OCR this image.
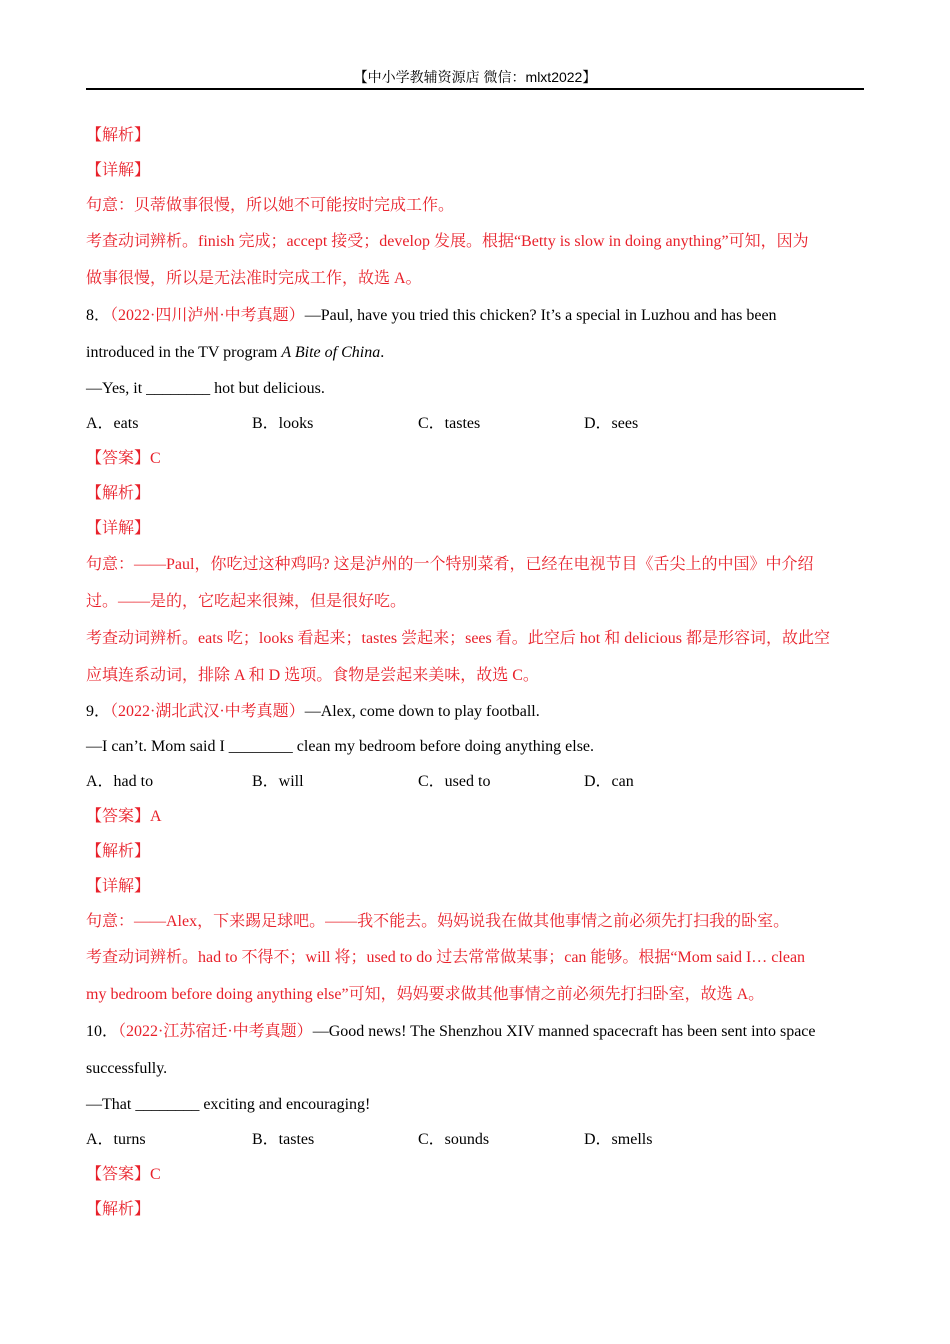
【中小学教辅资源店 微信：mlxt2022】
【解析】
【详解】
句意：贝蒂做事很慢，所以她不可能按时完成工作。
考查动词辨析。finish 完成；accept 接受；develop 发展。根据“Betty is slow in doing anything”可知，因为
做事很慢，所以是无法准时完成工作，故选 A。
8．（2022·四川泸州·中考真题）—Paul, have you tried this chicken? It’s a special in Luzhou and has been
introduced in the TV program A Bite of China.
—Yes, it ________ hot but delicious.
A．eats	B．looks	C．tastes	D．sees
【答案】C
【解析】
【详解】
句意：——Paul，你吃过这种鸡吗? 这是泸州的一个特别菜肴，已经在电视节目《舌尖上的中国》中介绍
过。——是的，它吃起来很辣，但是很好吃。
考查动词辨析。eats 吃；looks 看起来；tastes 尝起来；sees 看。此空后 hot 和 delicious 都是形容词，故此空
应填连系动词，排除 A 和 D 选项。食物是尝起来美味，故选 C。
9．（2022·湖北武汉·中考真题）—Alex, come down to play football.
—I can’t. Mom said I ________ clean my bedroom before doing anything else.
A．had to	B．will	C．used to	D．can
【答案】A
【解析】
【详解】
句意：——Alex，下来踢足球吧。——我不能去。妈妈说我在做其他事情之前必须先打扫我的卧室。
考查动词辨析。had to 不得不；will 将；used to do 过去常常做某事；can 能够。根据“Mom said I… clean
my bedroom before doing anything else”可知，妈妈要求做其他事情之前必须先打扫卧室，故选 A。
10．（2022·江苏宿迁·中考真题）—Good news! The Shenzhou XIV manned spacecraft has been sent into space
successfully.
—That ________ exciting and encouraging!
A．turns	B．tastes	C．sounds	D．smells
【答案】C
【解析】
